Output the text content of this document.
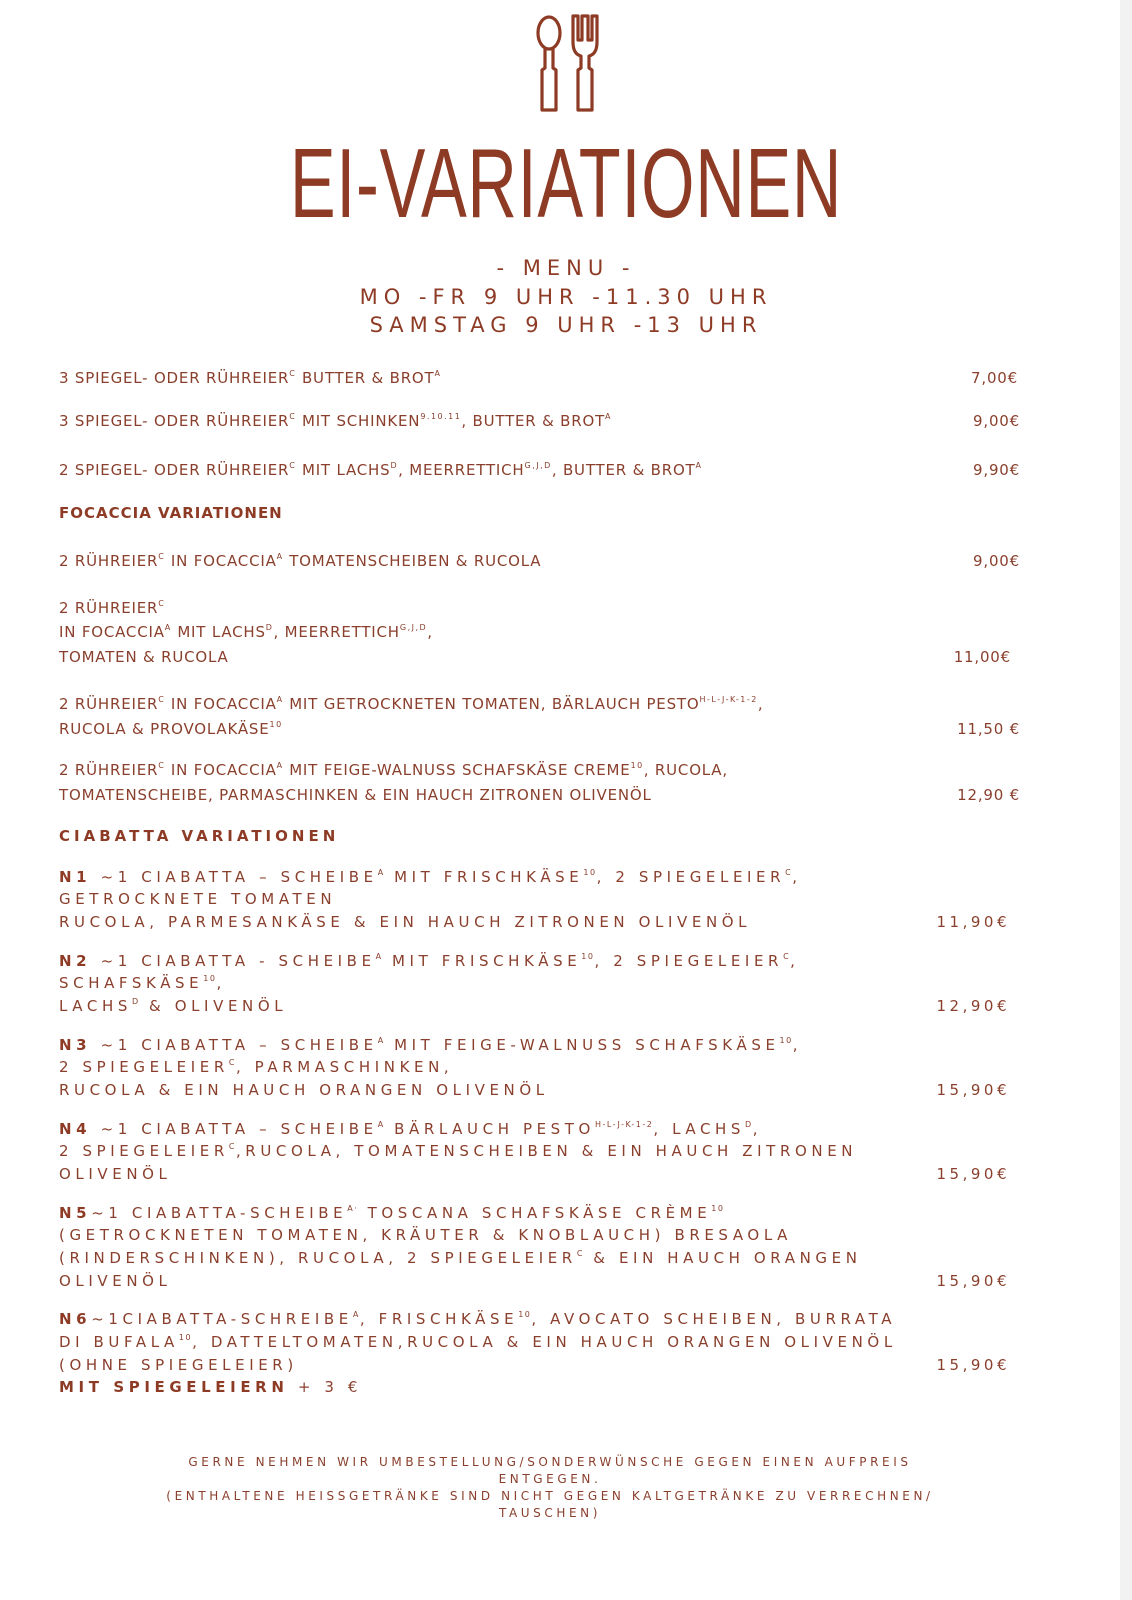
EI-VARIATIONEN
- MENU -
MO -FR 9 UHR -11.30 UHR
SAMSTAG 9 UHR -13 UHR
3 SPIEGEL- ODER $RÜHREIER^C$ BUTTER & $BROT^A$	7,00€
3 SPIEGEL- ODER $RÜHREIER^C$ MIT $SCHINKEN^{9.10.11}$, BUTTER & $BROT^A$	9,00€
2 SPIEGEL- ODER $RÜHREIER^C$ MIT $LACHS^D$, $MEERRETTICH^{G,J,D}$, BUTTER & $BROT^A$	9,90€
FOCACCIA VARIATIONEN
2 $RÜHREIER^C$ IN $FOCACCIA^A$ TOMATENSCHEIBEN & RUCOLA	9,00€
2 $RÜHREIER^C$
IN $FOCACCIA^A$ MIT $LACHS^D$, $MEERRETTICH^{G,J,D}$,
TOMATEN & RUCOLA	11,00€
2 $RÜHREIER^C$ IN $FOCACCIA^A$ MIT GETROCKNETEN TOMATEN, BÄRLAUCH $PESTO^{H-L-J-K-1-2}$,
RUCOLA & PROVOLAKÄSE$^{10}$	11,50 €
2 $RÜHREIER^C$ IN $FOCACCIA^A$ MIT FEIGE-WALNUSS SCHAFSKÄSE CREME$^{10}$, RUCOLA,
TOMATENSCHEIBE, PARMASCHINKEN & EIN HAUCH ZITRONEN OLIVENÖL	12,90 €
CIABATTA VARIATIONEN
N1 ~1 CIABATTA – $SCHEIBE^A$ MIT FRISCHKÄSE$^{10}$, 2 $SPIEGELEIER^C$,
GETROCKNETE TOMATEN
RUCOLA, PARMESANKÄSE & EIN HAUCH ZITRONEN OLIVENÖL	11,90€
N2 ~1 CIABATTA - $SCHEIBE^A$ MIT FRISCHKÄSE$^{10}$, 2 $SPIEGELEIER^C$,
SCHAFSKÄSE$^{10}$,
$LACHS^D$ & OLIVENÖL	12,90€
N3 ~1 CIABATTA – $SCHEIBE^A$ MIT FEIGE-WALNUSS SCHAFSKÄSE$^{10}$,
2 $SPIEGELEIER^C$, PARMASCHINKEN,
RUCOLA & EIN HAUCH ORANGEN OLIVENÖL	15,90€
N4 ~1 CIABATTA – $SCHEIBE^A$ BÄRLAUCH $PESTO^{H-L-J-K-1-2}$, $LACHS^D$,
2 $SPIEGELEIER^C,RUCOLA$, TOMATENSCHEIBEN & EIN HAUCH ZITRONEN
OLIVENÖL	15,90€
N5~1 CIABATTA-$SCHEIBE^{A\cdot}$ TOSCANA SCHAFSKÄSE CRÈME$^{10}$
(GETROCKNETEN TOMATEN, KRÄUTER & KNOBLAUCH) BRESAOLA
(RINDERSCHINKEN), RUCOLA, 2 $SPIEGELEIER^C$ & EIN HAUCH ORANGEN
OLIVENÖL	15,90€
$N6\sim 1CIABATTA-SCHREIBE^A$, FRISCHKÄSE$^{10}$, AVOCATO SCHEIBEN, BURRATA
DI BUFALA$^{10}$, DATTELTOMATEN,RUCOLA & EIN HAUCH ORANGEN OLIVENÖL
(OHNE SPIEGELEIER)	15,90€
MIT SPIEGELEIERN + 3 €
GERNE NEHMEN WIR UMBESTELLUNG/SONDERWÜNSCHE GEGEN EINEN AUFPREIS
ENTGEGEN.
(ENTHALTENE HEISSGETRÄNKE SIND NICHT GEGEN KALTGETRÄNKE ZU VERRECHNEN/
TAUSCHEN)
